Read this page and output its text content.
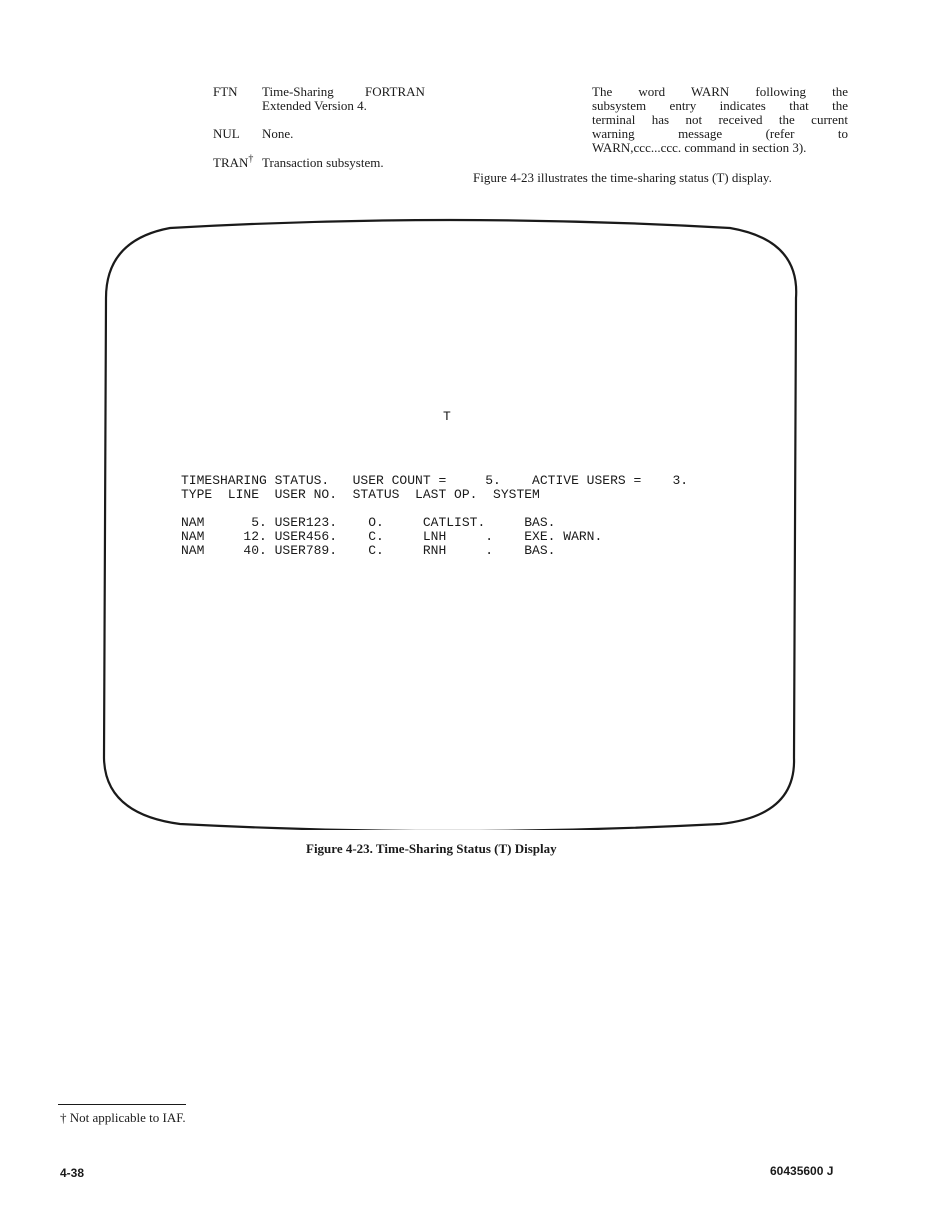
FTN Time-Sharing FORTRAN
Extended Version 4.
NUL None.
TRAN† Transaction subsystem.
The word WARN following the
subsystem entry indicates that the
terminal has not received the current
warning message (refer to
WARN,ccc...ccc. command in section 3).
Figure 4-23 illustrates the time-sharing status (T) display.
T
TIMESHARING STATUS.   USER COUNT =     5.    ACTIVE USERS =    3.
TYPE  LINE  USER NO.  STATUS  LAST OP.  SYSTEM
NAM      5. USER123.    O.     CATLIST.     BAS.
NAM     12. USER456.    C.     LNH     .    EXE. WARN.
NAM     40. USER789.    C.     RNH     .    BAS.
Figure 4-23. Time-Sharing Status (T) Display
† Not applicable to IAF.
4-38	60435600 J
